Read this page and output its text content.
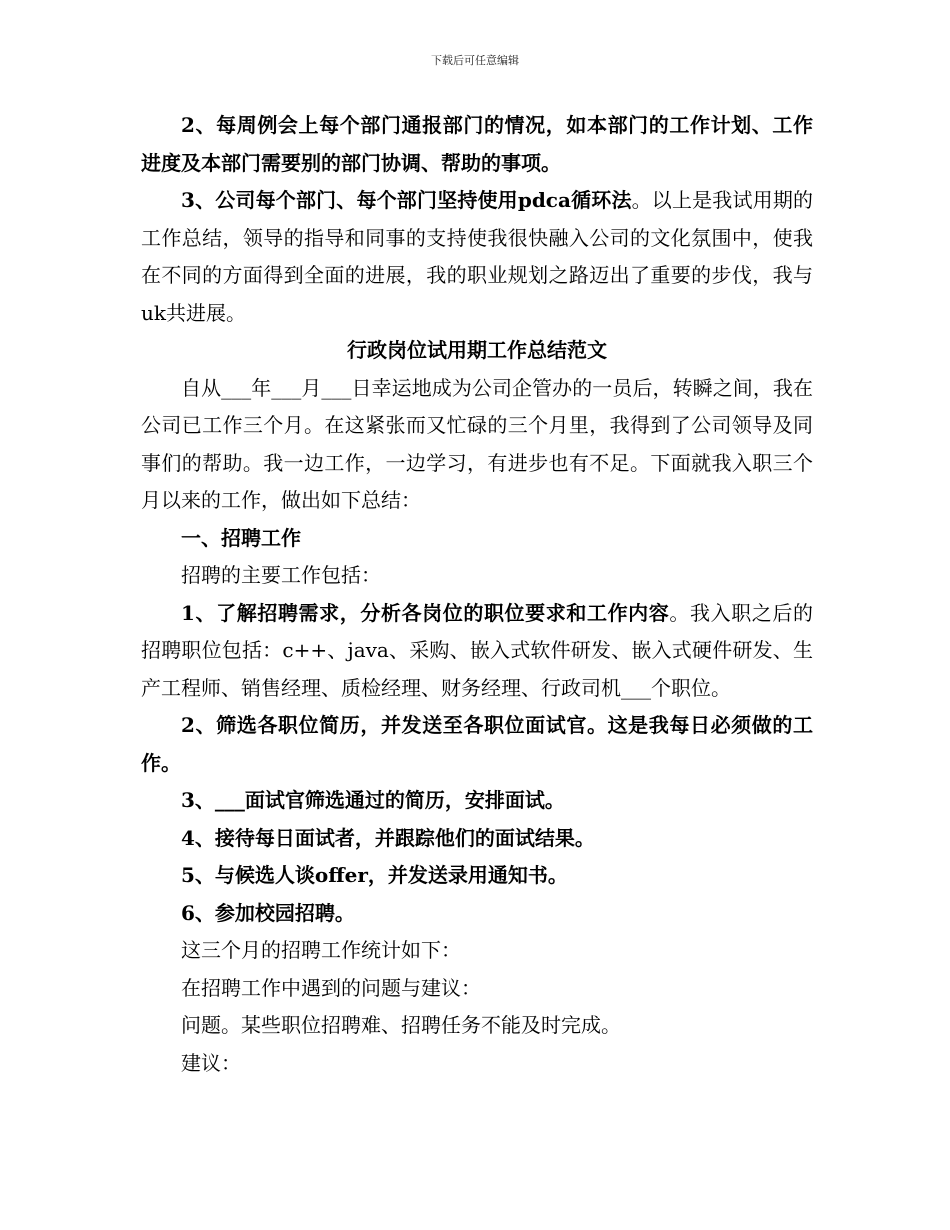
下载后可任意编辑

2、每周例会上每个部门通报部门的情况，如本部门的工作计划、工作进度及本部门需要别的部门协调、帮助的事项。

3、公司每个部门、每个部门坚持使用pdca循环法。以上是我试用期的工作总结，领导的指导和同事的支持使我很快融入公司的文化氛围中，使我在不同的方面得到全面的进展，我的职业规划之路迈出了重要的步伐，我与uk共进展。

行政岗位试用期工作总结范文

自从___年___月___日幸运地成为公司企管办的一员后，转瞬之间，我在公司已工作三个月。在这紧张而又忙碌的三个月里，我得到了公司领导及同事们的帮助。我一边工作，一边学习，有进步也有不足。下面就我入职三个月以来的工作，做出如下总结：

一、招聘工作

招聘的主要工作包括：

1、了解招聘需求，分析各岗位的职位要求和工作内容。我入职之后的招聘职位包括：c++、java、采购、嵌入式软件研发、嵌入式硬件研发、生产工程师、销售经理、质检经理、财务经理、行政司机___个职位。

2、筛选各职位简历，并发送至各职位面试官。这是我每日必须做的工作。

3、___面试官筛选通过的简历，安排面试。

4、接待每日面试者，并跟踪他们的面试结果。

5、与候选人谈offer，并发送录用通知书。

6、参加校园招聘。

这三个月的招聘工作统计如下：

在招聘工作中遇到的问题与建议：

问题。某些职位招聘难、招聘任务不能及时完成。

建议：
